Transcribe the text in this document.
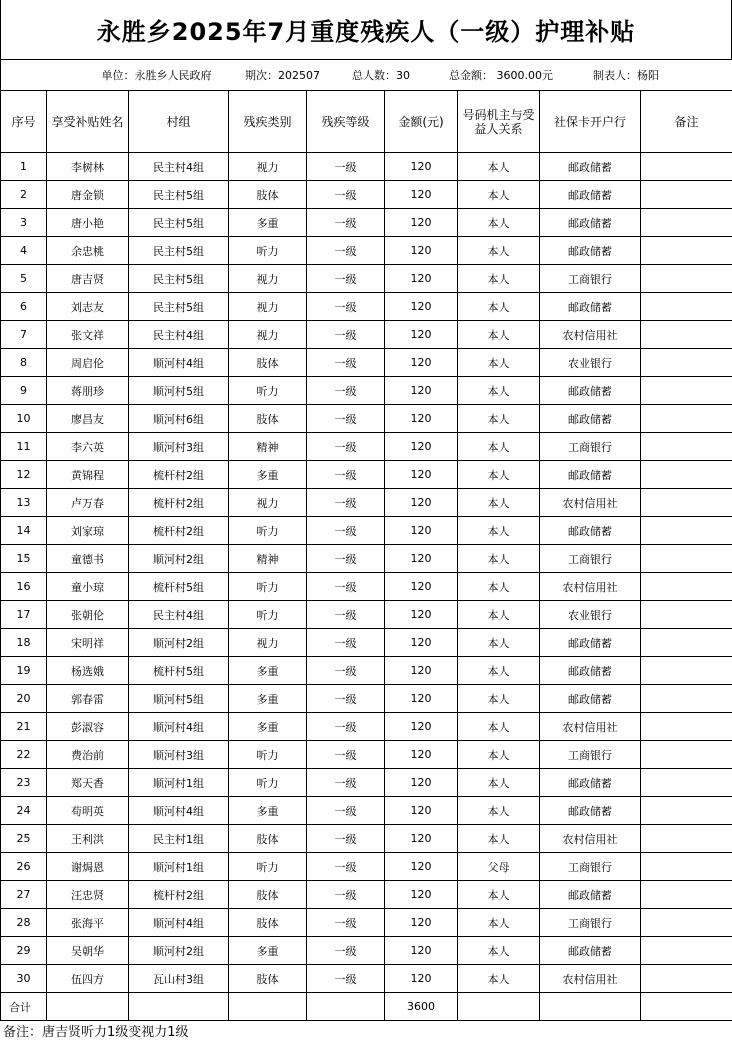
永胜乡2025年7月重度残疾人（一级）护理补贴
单位：永胜乡人民政府 期次：202507 总人数：30 总金额： 3600.00元 制表人：杨阳								

序号	享受补贴姓名	村组	残疾类别	残疾等级	金额(元)	号码机主与受益人关系	社保卡开户行	备注
1	李树林	民主村4组	视力	一级	120	本人	邮政储蓄	
2	唐金锁	民主村5组	肢体	一级	120	本人	邮政储蓄	
3	唐小艳	民主村5组	多重	一级	120	本人	邮政储蓄	
4	余忠桃	民主村5组	听力	一级	120	本人	邮政储蓄	
5	唐吉贤	民主村5组	视力	一级	120	本人	工商银行	
6	刘志友	民主村5组	视力	一级	120	本人	邮政储蓄	
7	张文祥	民主村4组	视力	一级	120	本人	农村信用社	
8	周启伦	顺河村4组	肢体	一级	120	本人	农业银行	
9	蒋朋珍	顺河村5组	听力	一级	120	本人	邮政储蓄	
10	廖昌友	顺河村6组	肢体	一级	120	本人	邮政储蓄	
11	李六英	顺河村3组	精神	一级	120	本人	工商银行	
12	黄锦程	梳杆村2组	多重	一级	120	本人	邮政储蓄	
13	卢万春	梳杆村2组	视力	一级	120	本人	农村信用社	
14	刘家琼	梳杆村2组	听力	一级	120	本人	邮政储蓄	
15	童德书	顺河村2组	精神	一级	120	本人	工商银行	
16	童小琼	梳杆村5组	听力	一级	120	本人	农村信用社	
17	张朝伦	民主村4组	听力	一级	120	本人	农业银行	
18	宋明祥	顺河村2组	视力	一级	120	本人	邮政储蓄	
19	杨选娥	梳杆村5组	多重	一级	120	本人	邮政储蓄	
20	郭春雷	顺河村5组	多重	一级	120	本人	邮政储蓄	
21	彭淑容	顺河村4组	多重	一级	120	本人	农村信用社	
22	费治前	顺河村3组	听力	一级	120	本人	工商银行	
23	郑天香	顺河村1组	听力	一级	120	本人	邮政储蓄	
24	苟明英	顺河村4组	多重	一级	120	本人	邮政储蓄	
25	王利洪	民主村1组	肢体	一级	120	本人	农村信用社	
26	谢焗恩	顺河村1组	听力	一级	120	父母	工商银行	
27	汪忠贤	梳杆村2组	肢体	一级	120	本人	邮政储蓄	
28	张海平	顺河村4组	肢体	一级	120	本人	工商银行	
29	吴朝华	顺河村2组	多重	一级	120	本人	邮政储蓄	
30	伍四方	瓦山村3组	肢体	一级	120	本人	农村信用社	
合计					3600			
备注：唐吉贤听力1级变视力1级
